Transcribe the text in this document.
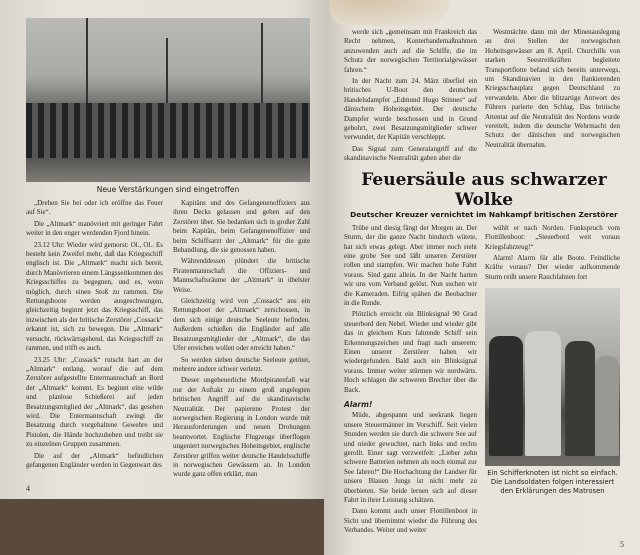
Neue Verstärkungen sind eingetroffen

„Drehen Sie bei oder ich eröffne das Feuer auf Sie“.

Die „Altmark“ manövriert mit geringer Fahrt weiter in den enger werdenden Fjord hinein.

23.12 Uhr: Wieder wird gemorst: Ol., Ol.. Es besteht kein Zweifel mehr, daß das Kriegsschiff englisch ist. Die „Altmark“ macht sich bereit, durch Manövrieren einem Längsseitkommen des Kriegsschiffes zu begegnen, und es, wenn möglich, durch einen Stoß zu rammen. Die Rettungsboote werden ausgeschwungen, gleichzeitig beginnt jetzt das Kriegsschiff, das inzwischen als der britische Zerstörer „Cossack“ erkannt ist, sich zu bewegen. Die „Altmark“ versucht, rückwärtsgehend, das Kriegsschiff zu rammen, und trifft es auch.

23.25 Uhr: „Cossack“ rutscht hart an der „Altmark“ entlang, worauf die auf dem Zerstörer aufgestellte Entermannschaft an Bord der „Altmark“ kommt. Es beginnt eine wilde und planlose Schießerei auf jeden Besatzungsmitglied der „Altmark“, das gesehen wird. Die Entermannschaft zwingt die Besatzung durch vorgehaltene Gewehre und Pistolen, die Hände hochzuheben und treibt sie zu einzelnen Gruppen zusammen.

Die auf der „Altmark“ befindlichen gefangenen Engländer werden in Gegenwart des

Kapitäns und des Gefangenenoffiziers aus ihren Decks gelassen und gehen auf den Zerstörer über. Sie bedanken sich in großer Zahl beim Kapitän, beim Gefangenenoffizier und beim Schiffsarzt der „Altmark“ für die gute Behandlung, die sie genossen haben.

Währenddessen plündert die britische Piratenmannschaft die Offiziers- und Mannschaftsräume der „Altmark“ in übelster Weise.

Gleichzeitig wird von „Cossack“ aus ein Rettungsboot der „Altmark“ zerschossen, in dem sich einige deutsche Seeleute befinden. Außerdem schießen die Engländer auf alle Besatzungsmitglieder der „Altmark“, die das Ufer erreichen wollen oder erreicht haben.“

So werden sieben deutsche Seeleute getötet, mehrere andere schwer verletzt.

Dieser ungeheuerliche Mordpiratenfall war nur der Auftakt zu einem groß angelegten britischen Angriff auf die skandinavische Neutralität. Der papierene Protest der norwegischen Regierung in London wurde mit Herausforderungen und neuen Drohungen beantwortet. Englische Flugzeuge überflogen ungeniert norwegisches Hoheitsgebiet, englische Zerstörer griffen weiter deutsche Handelsschiffe in norwegischen Gewässern an. In London wurde ganz offen erklärt, man

4

werde sich „gemeinsam mit Frankreich das Recht nehmen, Konterbandemaßnahmen anzuwenden auch auf die Schiffe, die im Schutz der norwegischen Territorialgewässer fahren.“

In der Nacht zum 24. März überfiel ein britisches U-Boot den deutschen Handelsdampfer „Edmund Hugo Stinnes“ auf dänischem Hoheitsgebiet. Der deutsche Dampfer wurde beschossen und in Grund gebohrt, zwei Besatzungsmitglieder schwer verwundet, der Kapitän verschleppt.

Das Signal zum Generalangriff auf die skandinavische Neutralität gaben aber die

Westmächte dann mit der Minenauslegung an drei Stellen der norwegischen Hoheitsgewässer am 8. April. Churchills von starken Seestreitkräften begleitete Transportflotte befand sich bereits unterwegs, um Skandinavien in den flankierenden Kriegsschauplatz gegen Deutschland zu verwandeln. Aber die blitzartige Antwort des Führers parierte den Schlag. Das britische Attentat auf die Neutralität des Nordens wurde vereitelt, indem die deutsche Wehrmacht den Schutz der dänischen und norwegischen Neutralität übernahm.

Feuersäule aus schwarzer Wolke
Deutscher Kreuzer vernichtet im Nahkampf britischen Zerstörer

Trübe und diesig fängt der Morgen an. Der Sturm, der die ganze Nacht hindurch wütete, hat sich etwas gelegt. Aber immer noch steht eine grobe See und läßt unseren Zerstörer rollen und stampfen. Wir machen hohe Fahrt voraus. Sind ganz allein. In der Nacht hatten wir uns vom Verband gelöst. Nun suchen wir die Kameraden. Eifrig spähen die Beobachter in die Runde.

Plötzlich erreicht ein Blinksignal 90 Grad steuerbord den Nebel. Wieder und wieder gibt das in gleichem Kurs fahrende Schiff sein Erkennungszeichen und fragt nach unserem: Einen unserer Zerstörer haben wir wiedergefunden. Bald auch ein Blinksignal voraus. Immer weiter stürmen wir nordwärts. Hoch schlagen die schweren Brecher über die Back.

Alarm!

Müde, abgespannt und seekrank liegen unsere Steuermänner im Vorschiff. Seit vielen Stunden werden sie durch die schwere See auf und nieder gewuchtet, nach links und rechts gerollt. Einer sagt verzweifelt: „Lieber zehn schwere Batterien nehmen als noch einmal zur See fahren!“ Die Hochachtung der Landser für unsere Blauen Jungs ist nicht mehr zu überbieten. Sie beide lernen sich auf dieser Fahrt in ihrer Leistung schätzen.

Dann kommt auch unser Flottillenboot in Sicht und übernimmt wieder die Führung des Verbandes. Weiter und weiter

wühlt er nach Norden. Funkspruch vom Flottillenboot: „Steuerbord weit voraus Kriegsfahrzeug!“

Alarm! Alarm für alle Boote. Feindliche Kräfte voraus? Der wieder aufkommende Sturm reißt unsere Rauchfahnen fort

Ein Schifferknoten ist nicht so einfach. Die Landsoldaten folgen interessiert den Erklärungen des Matrosen
5
